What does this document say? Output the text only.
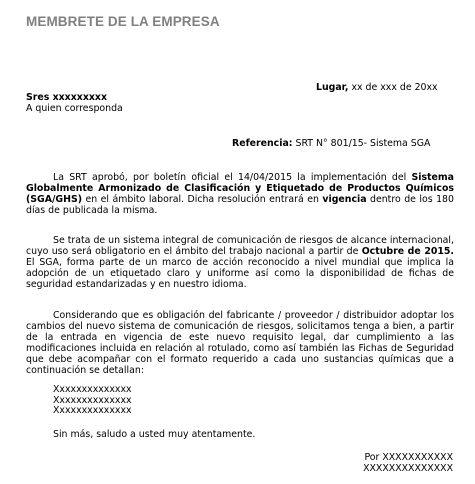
MEMBRETE DE LA EMPRESA
Lugar, xx de xxx de 20xx
Sres xxxxxxxxx
A quien corresponda
Referencia: SRT N° 801/15- Sistema SGA

La SRT aprobó, por boletín oficial el 14/04/2015 la implementación del Sistema Globalmente Armonizado de Clasificación y Etiquetado de Productos Químicos (SGA/GHS) en el ámbito laboral. Dicha resolución entrará en vigencia dentro de los 180 días de publicada la misma.

Se trata de un sistema integral de comunicación de riesgos de alcance internacional, cuyo uso será obligatorio en el ámbito del trabajo nacional a partir de Octubre de 2015. El SGA, forma parte de un marco de acción reconocido a nivel mundial que implica la adopción de un etiquetado claro y uniforme así como la disponibilidad de fichas de seguridad estandarizadas y en nuestro idioma.

Considerando que es obligación del fabricante / proveedor / distribuidor adoptar los cambios del nuevo sistema de comunicación de riesgos, solicitamos tenga a bien, a partir de la entrada en vigencia de este nuevo requisito legal, dar cumplimiento a las modificaciones incluida en relación al rotulado, como así también las Fichas de Seguridad que debe acompañar con el formato requerido a cada uno sustancias químicas que a continuación se detallan:

Xxxxxxxxxxxxxx
Xxxxxxxxxxxxxx
Xxxxxxxxxxxxxx
Sin más, saludo a usted muy atentamente.
Por XXXXXXXXXXX
XXXXXXXXXXXXXX
